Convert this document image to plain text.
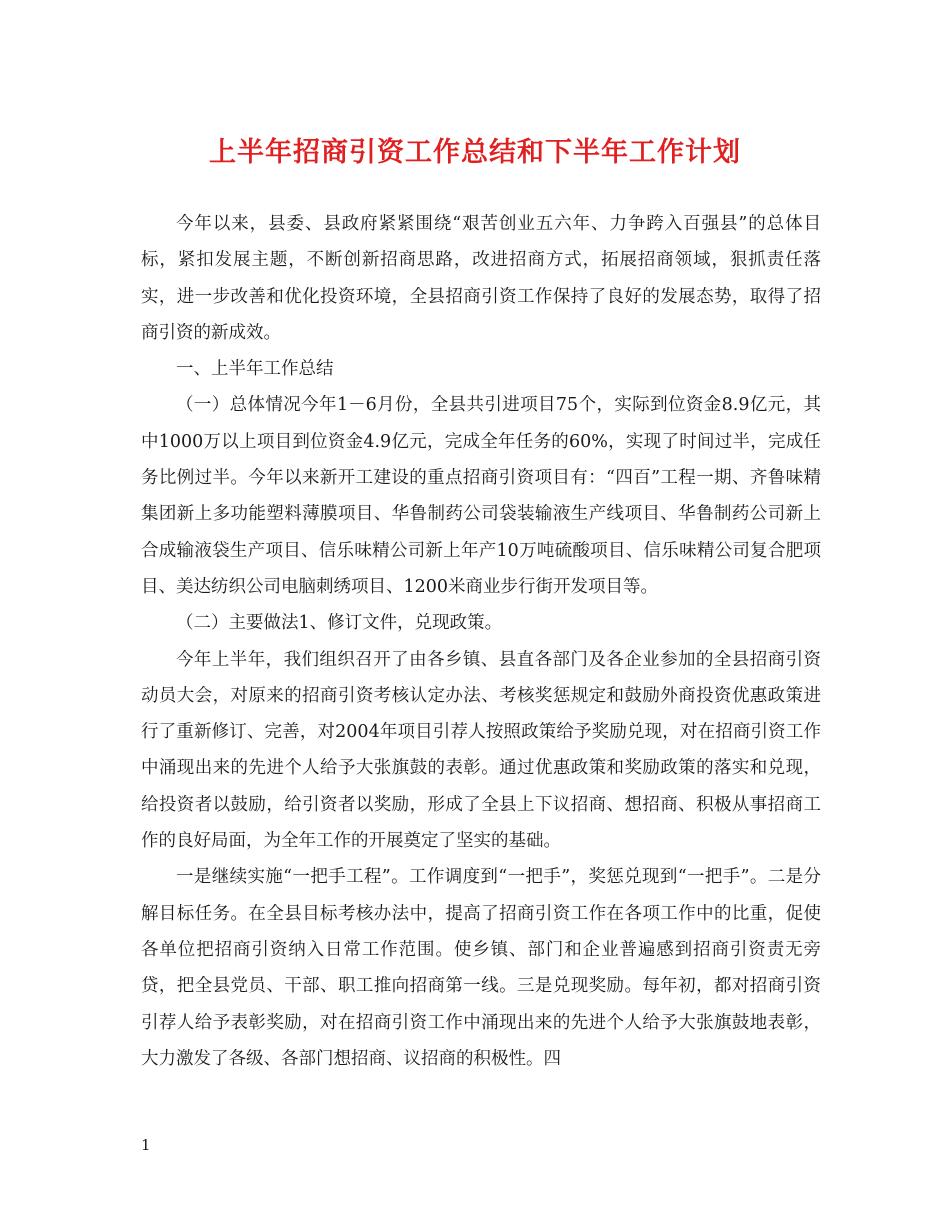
上半年招商引资工作总结和下半年工作计划

今年以来，县委、县政府紧紧围绕“艰苦创业五六年、力争跨入百强县”的总体目标，紧扣发展主题，不断创新招商思路，改进招商方式，拓展招商领域，狠抓责任落实，进一步改善和优化投资环境，全县招商引资工作保持了良好的发展态势，取得了招商引资的新成效。

一、上半年工作总结

（一）总体情况今年1－6月份，全县共引进项目75个，实际到位资金8.9亿元，其中1000万以上项目到位资金4.9亿元，完成全年任务的60%，实现了时间过半，完成任务比例过半。今年以来新开工建设的重点招商引资项目有：“四百”工程一期、齐鲁味精集团新上多功能塑料薄膜项目、华鲁制药公司袋装输液生产线项目、华鲁制药公司新上合成输液袋生产项目、信乐味精公司新上年产10万吨硫酸项目、信乐味精公司复合肥项目、美达纺织公司电脑刺绣项目、1200米商业步行街开发项目等。

（二）主要做法1、修订文件，兑现政策。

今年上半年，我们组织召开了由各乡镇、县直各部门及各企业参加的全县招商引资动员大会，对原来的招商引资考核认定办法、考核奖惩规定和鼓励外商投资优惠政策进行了重新修订、完善，对2004年项目引荐人按照政策给予奖励兑现，对在招商引资工作中涌现出来的先进个人给予大张旗鼓的表彰。通过优惠政策和奖励政策的落实和兑现，给投资者以鼓励，给引资者以奖励，形成了全县上下议招商、想招商、积极从事招商工作的良好局面，为全年工作的开展奠定了坚实的基础。

一是继续实施“一把手工程”。工作调度到“一把手”，奖惩兑现到“一把手”。二是分解目标任务。在全县目标考核办法中，提高了招商引资工作在各项工作中的比重，促使各单位把招商引资纳入日常工作范围。使乡镇、部门和企业普遍感到招商引资责无旁贷，把全县党员、干部、职工推向招商第一线。三是兑现奖励。每年初，都对招商引资引荐人给予表彰奖励，对在招商引资工作中涌现出来的先进个人给予大张旗鼓地表彰，大力激发了各级、各部门想招商、议招商的积极性。四

1
